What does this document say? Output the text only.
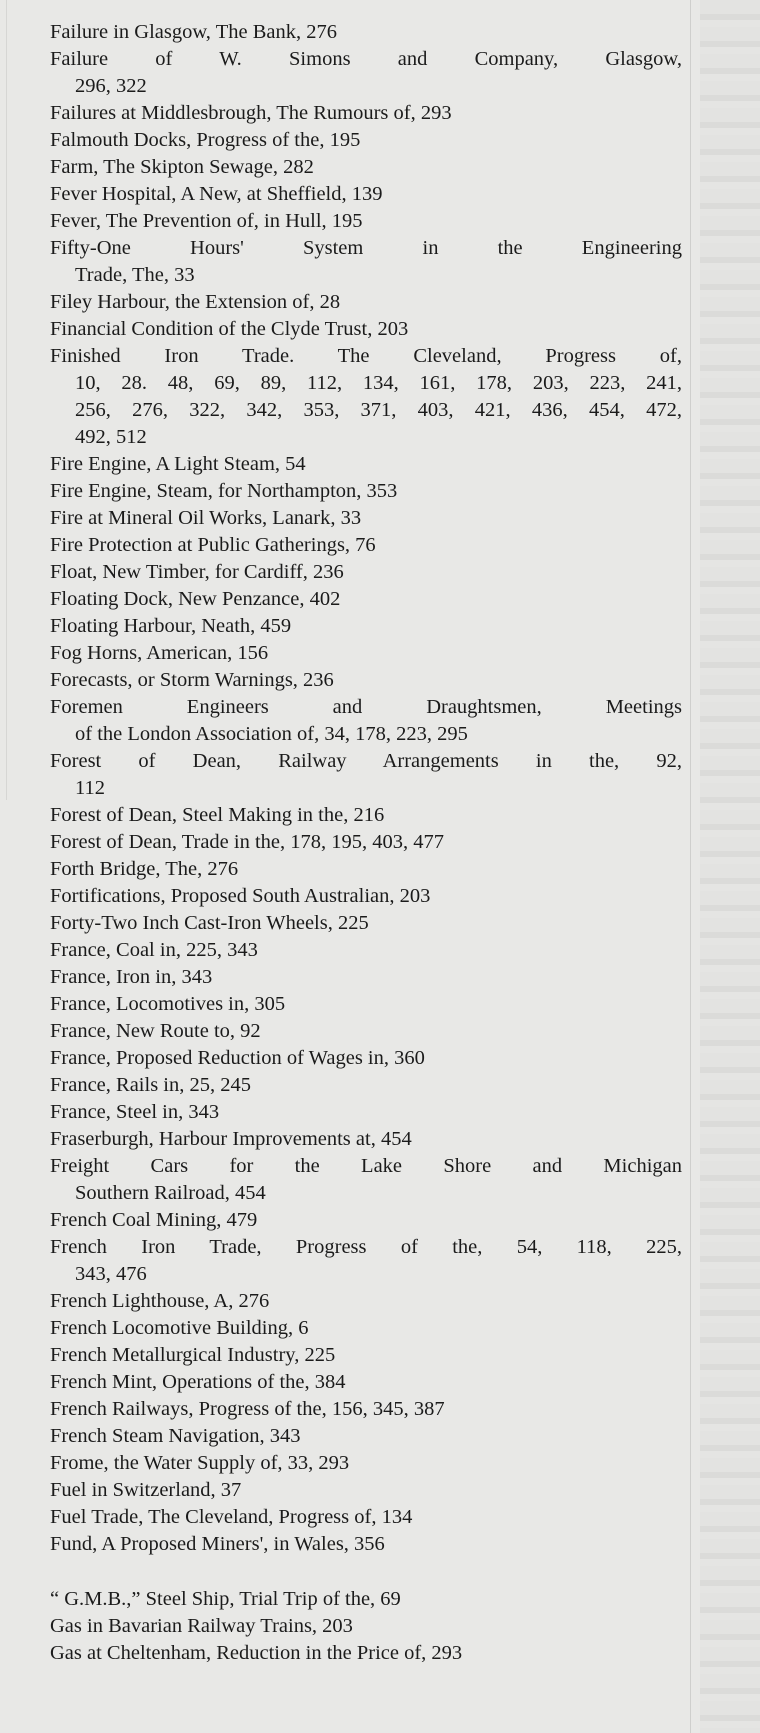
Failure in Glasgow, The Bank, 276
Failure of W. Simons and Company, Glasgow,
296, 322
Failures at Middlesbrough, The Rumours of, 293
Falmouth Docks, Progress of the, 195
Farm, The Skipton Sewage, 282
Fever Hospital, A New, at Sheffield, 139
Fever, The Prevention of, in Hull, 195
Fifty-One Hours' System in the Engineering
Trade, The, 33
Filey Harbour, the Extension of, 28
Financial Condition of the Clyde Trust, 203
Finished Iron Trade. The Cleveland, Progress of,
10, 28. 48, 69, 89, 112, 134, 161, 178, 203, 223, 241,
256, 276, 322, 342, 353, 371, 403, 421, 436, 454, 472,
492, 512
Fire Engine, A Light Steam, 54
Fire Engine, Steam, for Northampton, 353
Fire at Mineral Oil Works, Lanark, 33
Fire Protection at Public Gatherings, 76
Float, New Timber, for Cardiff, 236
Floating Dock, New Penzance, 402
Floating Harbour, Neath, 459
Fog Horns, American, 156
Forecasts, or Storm Warnings, 236
Foremen Engineers and Draughtsmen, Meetings
of the London Association of, 34, 178, 223, 295
Forest of Dean, Railway Arrangements in the, 92,
112
Forest of Dean, Steel Making in the, 216
Forest of Dean, Trade in the, 178, 195, 403, 477
Forth Bridge, The, 276
Fortifications, Proposed South Australian, 203
Forty-Two Inch Cast-Iron Wheels, 225
France, Coal in, 225, 343
France, Iron in, 343
France, Locomotives in, 305
France, New Route to, 92
France, Proposed Reduction of Wages in, 360
France, Rails in, 25, 245
France, Steel in, 343
Fraserburgh, Harbour Improvements at, 454
Freight Cars for the Lake Shore and Michigan
Southern Railroad, 454
French Coal Mining, 479
French Iron Trade, Progress of the, 54, 118, 225,
343, 476
French Lighthouse, A, 276
French Locomotive Building, 6
French Metallurgical Industry, 225
French Mint, Operations of the, 384
French Railways, Progress of the, 156, 345, 387
French Steam Navigation, 343
Frome, the Water Supply of, 33, 293
Fuel in Switzerland, 37
Fuel Trade, The Cleveland, Progress of, 134
Fund, A Proposed Miners', in Wales, 356
“ G.M.B.,” Steel Ship, Trial Trip of the, 69
Gas in Bavarian Railway Trains, 203
Gas at Cheltenham, Reduction in the Price of, 293
